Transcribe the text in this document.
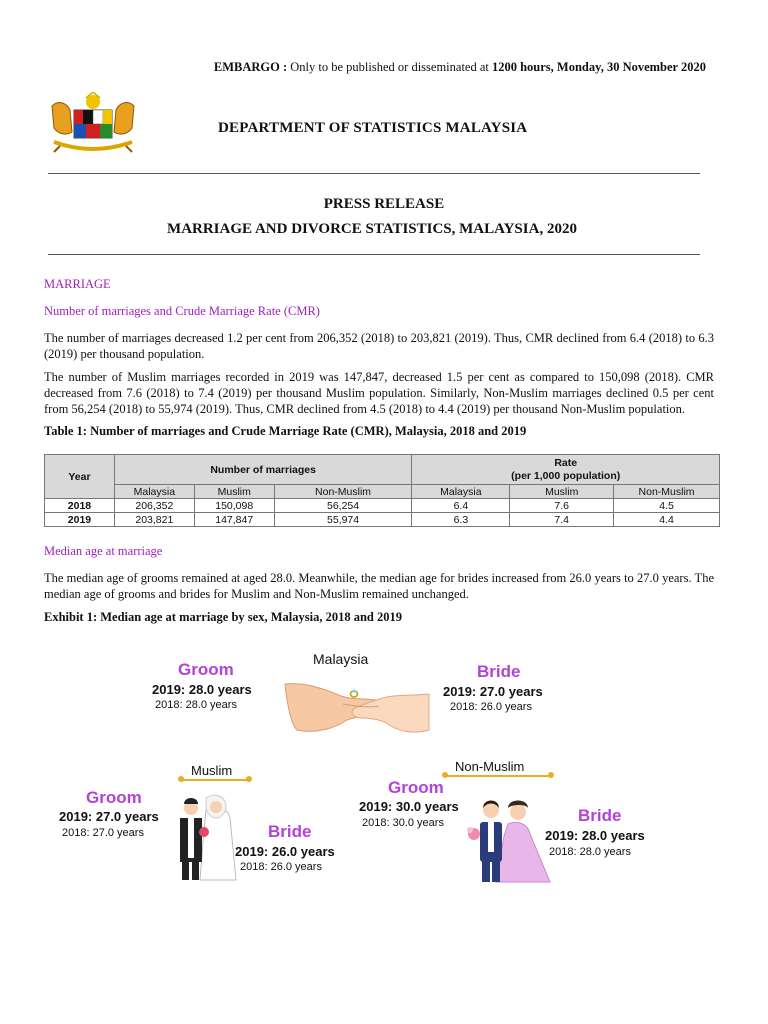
EMBARGO : Only to be published or disseminated at 1200 hours, Monday, 30 November 2020
DEPARTMENT OF STATISTICS MALAYSIA
PRESS RELEASE
MARRIAGE AND DIVORCE STATISTICS, MALAYSIA, 2020
MARRIAGE
Number of marriages and Crude Marriage Rate (CMR)
The number of marriages decreased 1.2 per cent from 206,352 (2018) to 203,821 (2019). Thus, CMR declined from 6.4 (2018) to 6.3 (2019) per thousand population.
The number of Muslim marriages recorded in 2019 was 147,847, decreased 1.5 per cent as compared to 150,098 (2018). CMR decreased from 7.6 (2018) to 7.4 (2019) per thousand Muslim population. Similarly, Non-Muslim marriages declined 0.5 per cent from 56,254 (2018) to 55,974 (2019). Thus, CMR declined from 4.5 (2018) to 4.4 (2019) per thousand Non-Muslim population.
Table 1: Number of marriages and Crude Marriage Rate (CMR), Malaysia, 2018 and 2019
Year	Number of marriages			Rate
(per 1,000 population)		
	Malaysia	Muslim	Non-Muslim	Malaysia	Muslim	Non-Muslim
2018	206,352	150,098	56,254	6.4	7.6	4.5
2019	203,821	147,847	55,974	6.3	7.4	4.4
Median age at marriage
The median age of grooms remained at aged 28.0. Meanwhile, the median age for brides increased from 26.0 years to 27.0 years. The median age of grooms and brides for Muslim and Non-Muslim remained unchanged.
Exhibit 1: Median age at marriage by sex, Malaysia, 2018 and 2019
Malaysia
Groom
2019: 28.0 years
2018: 28.0 years
Bride
2019: 27.0 years
2018: 26.0 years
Muslim
Groom
2019: 27.0 years
2018: 27.0 years	Bride
2019: 26.0 years
2018: 26.0 years
Non-Muslim
Groom
2019: 30.0 years
2018: 30.0 years	Bride
2019: 28.0 years
2018: 28.0 years
